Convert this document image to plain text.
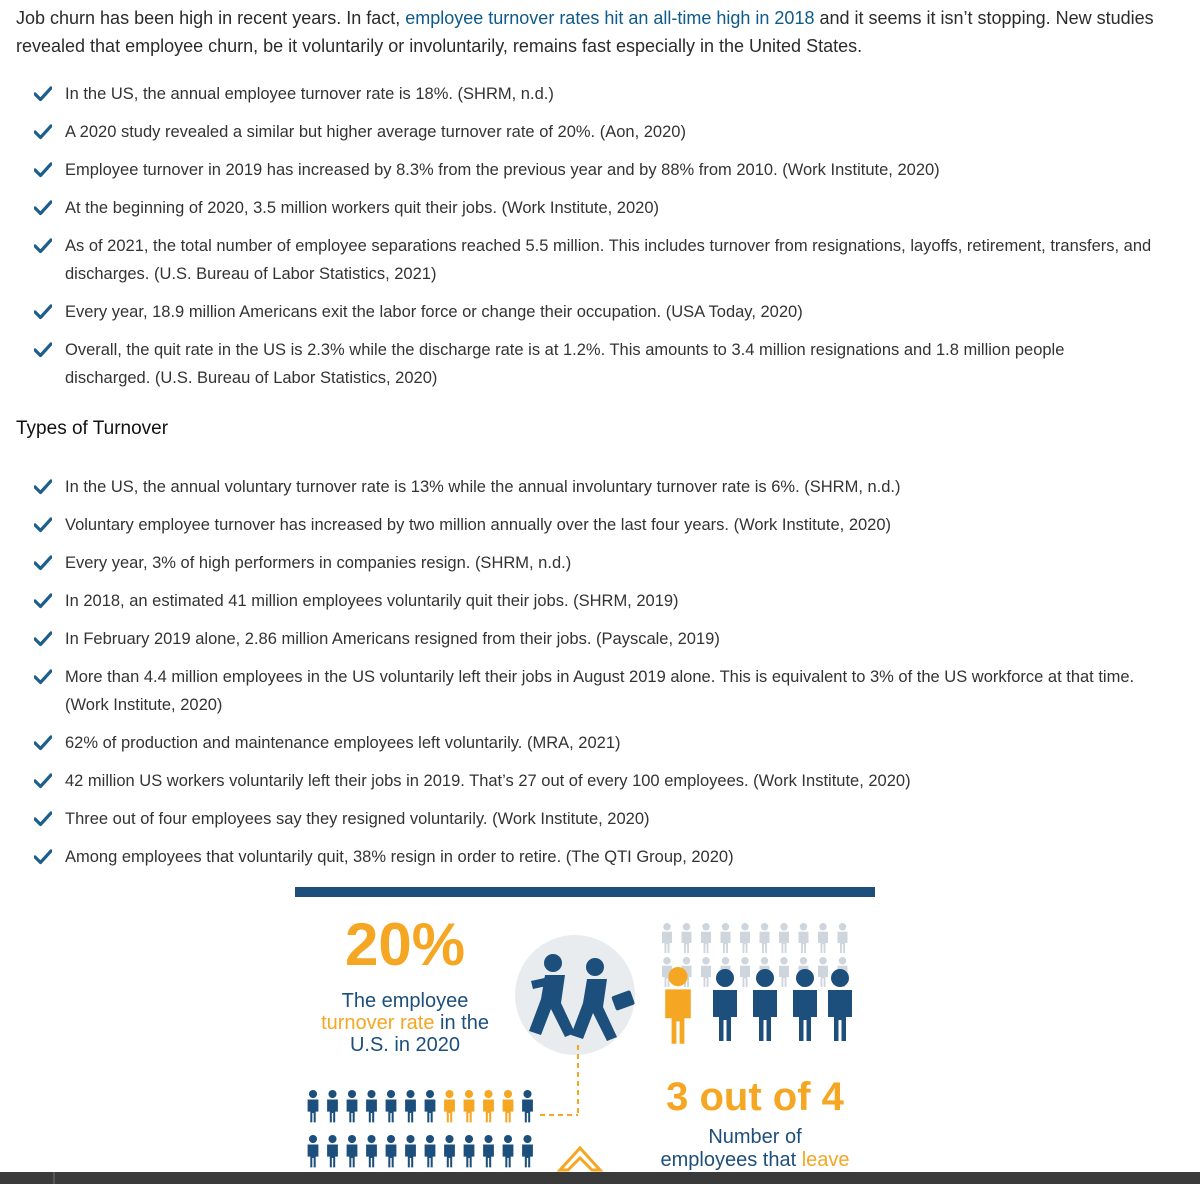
Job churn has been high in recent years. In fact, employee turnover rates hit an all-time high in 2018 and it seems it isn’t stopping. New studies revealed that employee churn, be it voluntarily or involuntarily, remains fast especially in the United States.

In the US, the annual employee turnover rate is 18%. (SHRM, n.d.)
A 2020 study revealed a similar but higher average turnover rate of 20%. (Aon, 2020)
Employee turnover in 2019 has increased by 8.3% from the previous year and by 88% from 2010. (Work Institute, 2020)
At the beginning of 2020, 3.5 million workers quit their jobs. (Work Institute, 2020)
As of 2021, the total number of employee separations reached 5.5 million. This includes turnover from resignations, layoffs, retirement, transfers, and discharges. (U.S. Bureau of Labor Statistics, 2021)
Every year, 18.9 million Americans exit the labor force or change their occupation. (USA Today, 2020)
Overall, the quit rate in the US is 2.3% while the discharge rate is at 1.2%. This amounts to 3.4 million resignations and 1.8 million people discharged. (U.S. Bureau of Labor Statistics, 2020)
Types of Turnover
In the US, the annual voluntary turnover rate is 13% while the annual involuntary turnover rate is 6%. (SHRM, n.d.)
Voluntary employee turnover has increased by two million annually over the last four years. (Work Institute, 2020)
Every year, 3% of high performers in companies resign. (SHRM, n.d.)
In 2018, an estimated 41 million employees voluntarily quit their jobs. (SHRM, 2019)
In February 2019 alone, 2.86 million Americans resigned from their jobs. (Payscale, 2019)
More than 4.4 million employees in the US voluntarily left their jobs in August 2019 alone. This is equivalent to 3% of the US workforce at that time. (Work Institute, 2020)
62% of production and maintenance employees left voluntarily. (MRA, 2021)
42 million US workers voluntarily left their jobs in 2019. That’s 27 out of every 100 employees. (Work Institute, 2020)
Three out of four employees say they resigned voluntarily. (Work Institute, 2020)
Among employees that voluntarily quit, 38% resign in order to retire. (The QTI Group, 2020)
20%
The employee
turnover rate in the
U.S. in 2020
3 out of 4
Number of
employees that leave
